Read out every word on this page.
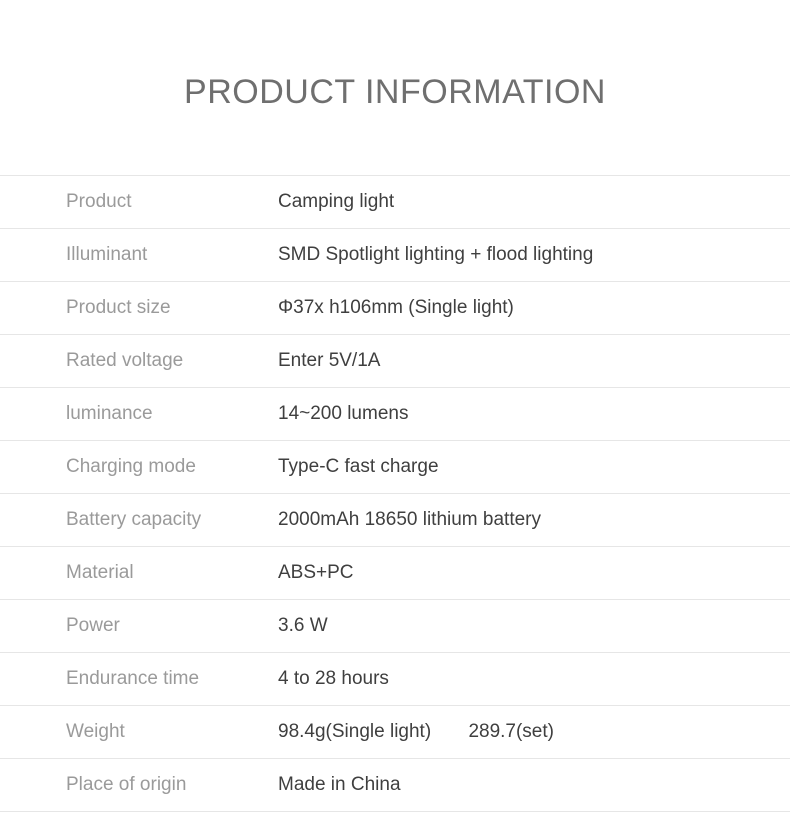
PRODUCT INFORMATION
Product	Camping light
Illuminant	SMD Spotlight lighting + flood lighting
Product size	Φ37x h106mm (Single light)
Rated voltage	Enter 5V/1A
luminance	14~200 lumens
Charging mode	Type-C fast charge
Battery capacity	2000mAh 18650 lithium battery
Material	ABS+PC
Power	3.6 W
Endurance time	4 to 28 hours
Weight	98.4g(Single light) 289.7(set)
Place of origin	Made in China
